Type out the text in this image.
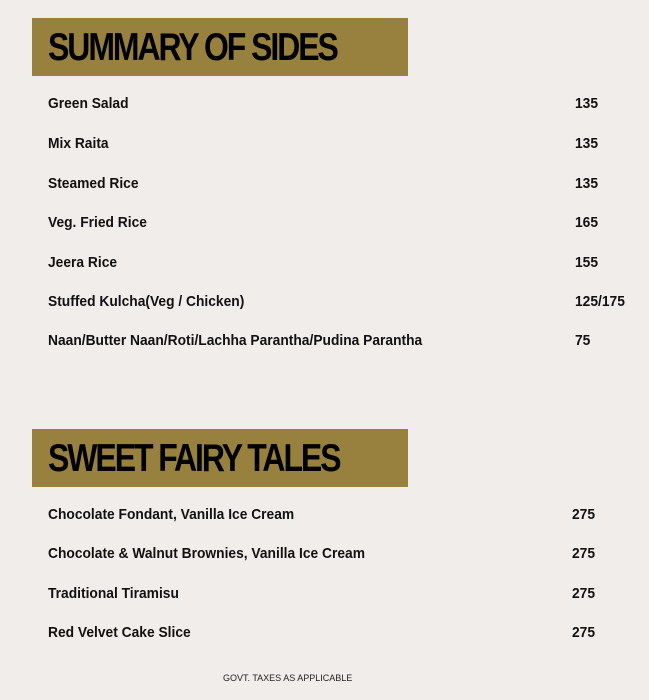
SUMMARY OF SIDES
Green Salad	135
Mix Raita	135
Steamed Rice	135
Veg. Fried Rice	165
Jeera Rice	155
Stuffed Kulcha(Veg / Chicken)	125/175
Naan/Butter Naan/Roti/Lachha Parantha/Pudina Parantha	75
SWEET FAIRY TALES
Chocolate Fondant, Vanilla Ice Cream	275
Chocolate & Walnut Brownies, Vanilla Ice Cream	275
Traditional Tiramisu	275
Red Velvet Cake Slice	275
GOVT. TAXES AS APPLICABLE
